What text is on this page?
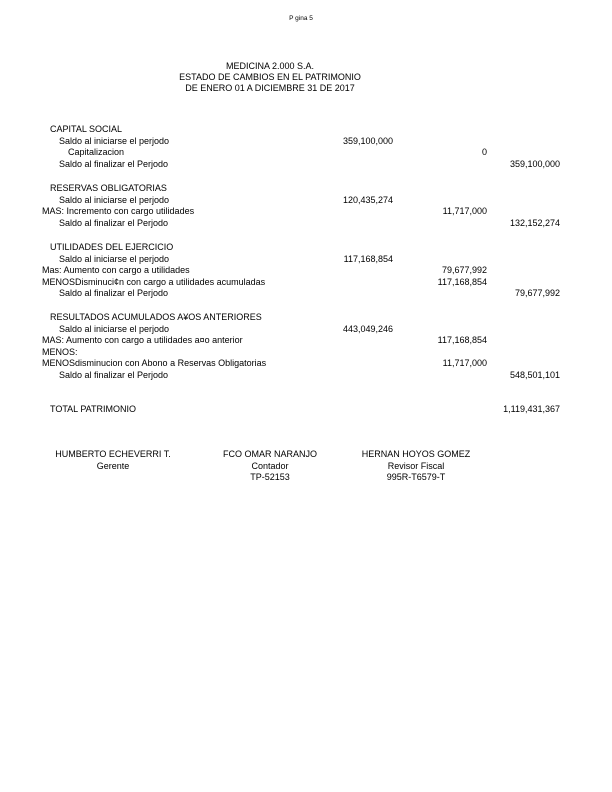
P gina 5
MEDICINA 2.000 S.A.
ESTADO DE CAMBIOS EN EL PATRIMONIO
DE ENERO 01 A DICIEMBRE 31 DE 2017
CAPITAL SOCIAL
Saldo al iniciarse el perjodo	359,100,000
Capitalizacion	0
Saldo al finalizar el Perjodo	359,100,000
RESERVAS OBLIGATORIAS
Saldo al iniciarse el perjodo	120,435,274
MAS: Incremento con cargo utilidades	11,717,000
Saldo al finalizar el Perjodo	132,152,274
UTILIDADES DEL EJERCICIO
Saldo al iniciarse el perjodo	117,168,854
Mas: Aumento con cargo a utilidades	79,677,992
MENOSDisminuci¢n con cargo a utilidades acumuladas	117,168,854
Saldo al finalizar el Perjodo	79,677,992
RESULTADOS ACUMULADOS A¥OS ANTERIORES
Saldo al iniciarse el perjodo	443,049,246
MAS: Aumento con cargo a utilidades a¤o anterior	117,168,854
MENOS:
MENOSdisminucion con Abono a Reservas Obligatorias	11,717,000
Saldo al finalizar el Perjodo	548,501,101
TOTAL PATRIMONIO	1,119,431,367
HUMBERTO ECHEVERRI T.
Gerente
FCO OMAR NARANJO
Contador
TP-52153
HERNAN HOYOS GOMEZ
Revisor Fiscal
995R-T6579-T
